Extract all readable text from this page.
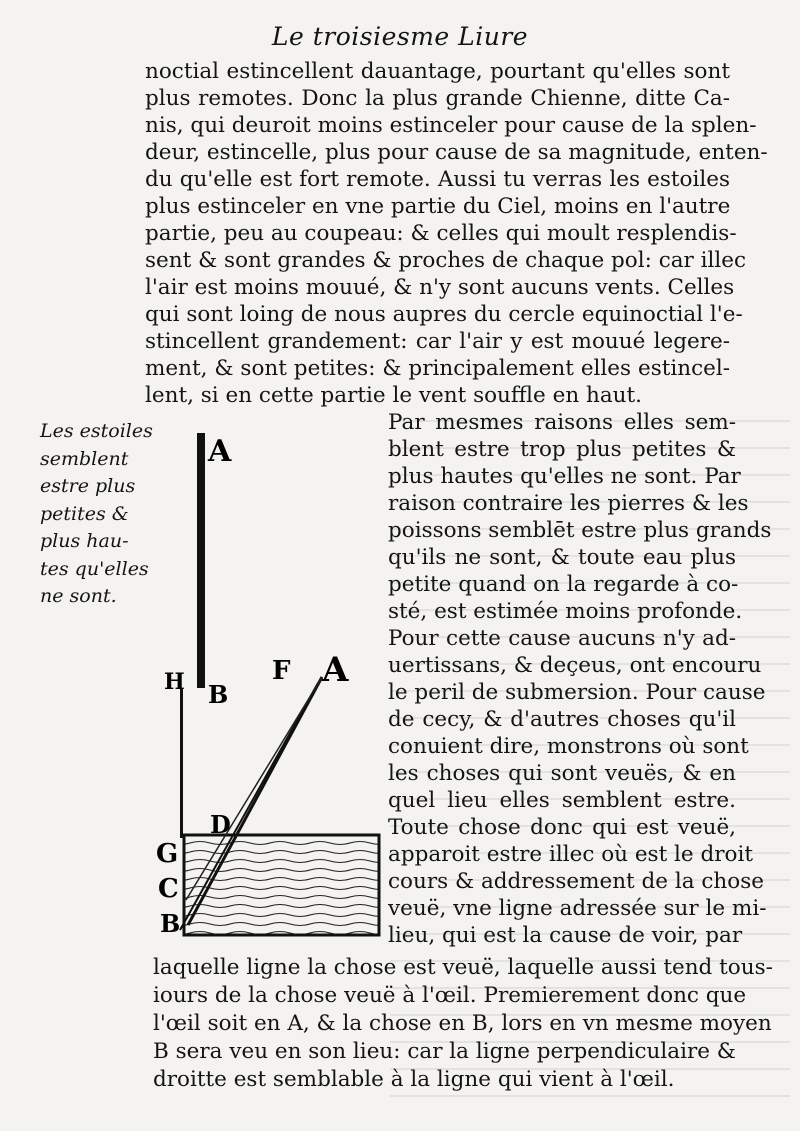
Le troisiesme Liure
noctial estincellent dauantage, pourtant qu'elles sont
plus remotes. Donc la plus grande Chienne, ditte Ca-
nis, qui deuroit moins estinceler pour cause de la splen-
deur, estincelle, plus pour cause de sa magnitude, enten-
du qu'elle est fort remote. Aussi tu verras les estoiles
plus estinceler en vne partie du Ciel, moins en l'autre
partie, peu au coupeau: & celles qui moult resplendis-
sent & sont grandes & proches de chaque pol: car illec
l'air est moins mouué, & n'y sont aucuns vents. Celles
qui sont loing de nous aupres du cercle equinoctial l'e-
stincellent grandement: car l'air y est mouué legere-
ment, & sont petites: & principalement elles estincel-
lent, si en cette partie le vent souffle en haut.
Les estoiles
semblent
estre plus
petites &
plus hau-
tes qu'elles
ne sont.
A
B
H	F A
D
G
C
B
Par mesmes raisons elles sem-
blent estre trop plus petites &
plus hautes qu'elles ne sont. Par
raison contraire les pierres & les
poissons semblēt estre plus grands
qu'ils ne sont, & toute eau plus
petite quand on la regarde à co-
sté, est estimée moins profonde.
Pour cette cause aucuns n'y ad-
uertissans, & deçeus, ont encouru
le peril de submersion. Pour cause
de cecy, & d'autres choses qu'il
conuient dire, monstrons où sont
les choses qui sont veuës, & en
quel lieu elles semblent estre.
Toute chose donc qui est veuë,
apparoit estre illec où est le droit
cours & addressement de la chose
veuë, vne ligne adressée sur le mi-
lieu, qui est la cause de voir, par
laquelle ligne la chose est veuë, laquelle aussi tend tous-
iours de la chose veuë à l'œil. Premierement donc que
l'œil soit en A, & la chose en B, lors en vn mesme moyen
B sera veu en son lieu: car la ligne perpendiculaire &
droitte est semblable à la ligne qui vient à l'œil.
